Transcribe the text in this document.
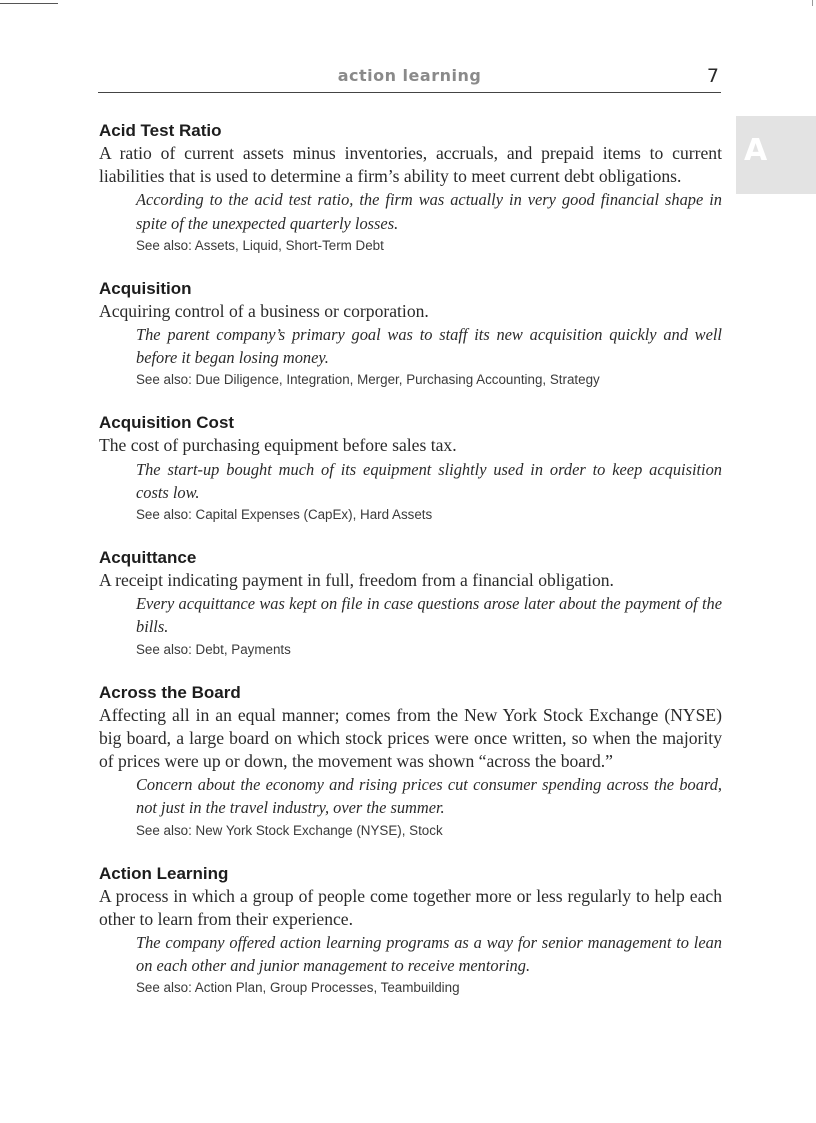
action learning	7
A
Acid Test Ratio
A ratio of current assets minus inventories, accruals, and prepaid items to current liabilities that is used to determine a firm’s ability to meet current debt obligations.
According to the acid test ratio, the firm was actually in very good financial shape in spite of the unexpected quarterly losses.
See also: Assets, Liquid, Short-Term Debt
Acquisition
Acquiring control of a business or corporation.
The parent company’s primary goal was to staff its new acquisition quickly and well before it began losing money.
See also: Due Diligence, Integration, Merger, Purchasing Accounting, Strategy
Acquisition Cost
The cost of purchasing equipment before sales tax.
The start-up bought much of its equipment slightly used in order to keep acquisition costs low.
See also: Capital Expenses (CapEx), Hard Assets
Acquittance
A receipt indicating payment in full, freedom from a financial obligation.
Every acquittance was kept on file in case questions arose later about the payment of the bills.
See also: Debt, Payments
Across the Board
Affecting all in an equal manner; comes from the New York Stock Exchange (NYSE) big board, a large board on which stock prices were once written, so when the majority of prices were up or down, the movement was shown “across the board.”
Concern about the economy and rising prices cut consumer spending across the board, not just in the travel industry, over the summer.
See also: New York Stock Exchange (NYSE), Stock
Action Learning
A process in which a group of people come together more or less regularly to help each other to learn from their experience.
The company offered action learning programs as a way for senior management to lean on each other and junior management to receive mentoring.
See also: Action Plan, Group Processes, Teambuilding
